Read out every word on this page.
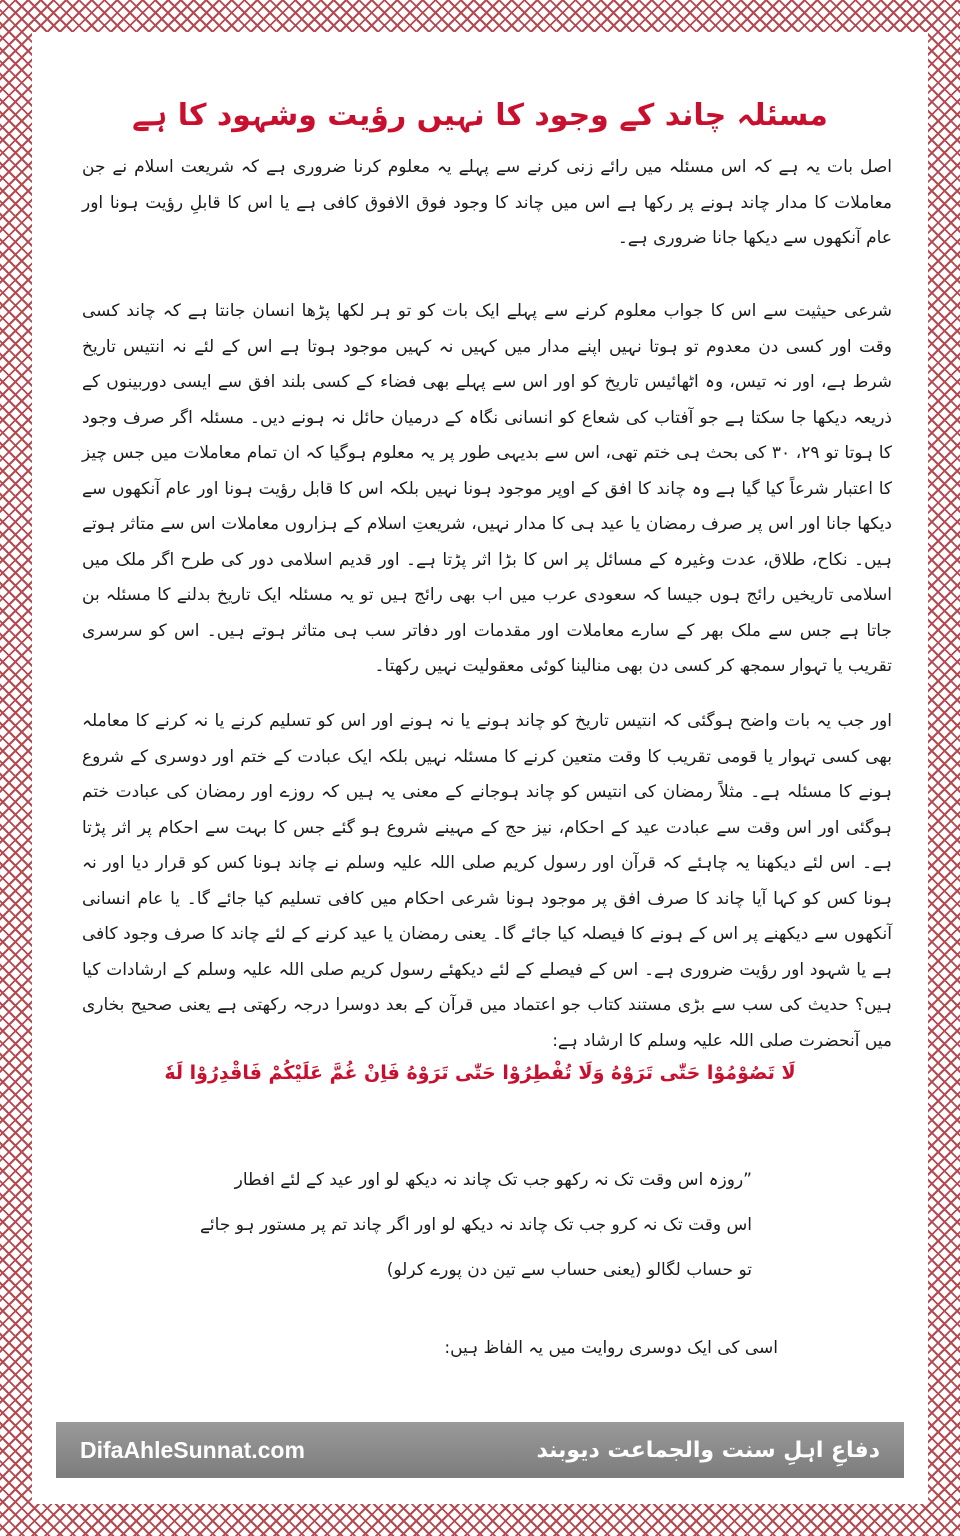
مسئلہ چاند کے وجود کا نہیں رؤیت وشہود کا ہے

اصل بات یہ ہے کہ اس مسئلہ میں رائے زنی کرنے سے پہلے یہ معلوم کرنا ضروری ہے کہ شریعت اسلام نے جن معاملات کا مدار چاند ہونے پر رکھا ہے اس میں چاند کا وجود فوق الافوق کافی ہے یا اس کا قابلِ رؤیت ہونا اور عام آنکھوں سے دیکھا جانا ضروری ہے۔

شرعی حیثیت سے اس کا جواب معلوم کرنے سے پہلے ایک بات کو تو ہر لکھا پڑھا انسان جانتا ہے کہ چاند کسی وقت اور کسی دن معدوم تو ہوتا نہیں اپنے مدار میں کہیں نہ کہیں موجود ہوتا ہے اس کے لئے نہ انتیس تاریخ شرط ہے، اور نہ تیس، وہ اٹھائیس تاریخ کو اور اس سے پہلے بھی فضاء کے کسی بلند افق سے ایسی دوربینوں کے ذریعہ دیکھا جا سکتا ہے جو آفتاب کی شعاع کو انسانی نگاہ کے درمیان حائل نہ ہونے دیں۔ مسئلہ اگر صرف وجود کا ہوتا تو ۲۹، ۳۰ کی بحث ہی ختم تھی، اس سے بدیہی طور پر یہ معلوم ہوگیا کہ ان تمام معاملات میں جس چیز کا اعتبار شرعاً کیا گیا ہے وہ چاند کا افق کے اوپر موجود ہونا نہیں بلکہ اس کا قابل رؤیت ہونا اور عام آنکھوں سے دیکھا جانا اور اس پر صرف رمضان یا عید ہی کا مدار نہیں، شریعتِ اسلام کے ہزاروں معاملات اس سے متاثر ہوتے ہیں۔ نکاح، طلاق، عدت وغیرہ کے مسائل پر اس کا بڑا اثر پڑتا ہے۔ اور قدیم اسلامی دور کی طرح اگر ملک میں اسلامی تاریخیں رائج ہوں جیسا کہ سعودی عرب میں اب بھی رائج ہیں تو یہ مسئلہ ایک تاریخ بدلنے کا مسئلہ بن جاتا ہے جس سے ملک بھر کے سارے معاملات اور مقدمات اور دفاتر سب ہی متاثر ہوتے ہیں۔ اس کو سرسری تقریب یا تہوار سمجھ کر کسی دن بھی منالینا کوئی معقولیت نہیں رکھتا۔

اور جب یہ بات واضح ہوگئی کہ انتیس تاریخ کو چاند ہونے یا نہ ہونے اور اس کو تسلیم کرنے یا نہ کرنے کا معاملہ بھی کسی تہوار یا قومی تقریب کا وقت متعین کرنے کا مسئلہ نہیں بلکہ ایک عبادت کے ختم اور دوسری کے شروع ہونے کا مسئلہ ہے۔ مثلاً رمضان کی انتیس کو چاند ہوجانے کے معنی یہ ہیں کہ روزے اور رمضان کی عبادت ختم ہوگئی اور اس وقت سے عبادت عید کے احکام، نیز حج کے مہینے شروع ہو گئے جس کا بہت سے احکام پر اثر پڑتا ہے۔ اس لئے دیکھنا یہ چاہئے کہ قرآن اور رسول کریم صلی اللہ علیہ وسلم نے چاند ہونا کس کو قرار دیا اور نہ ہونا کس کو کہا آیا چاند کا صرف افق پر موجود ہونا شرعی احکام میں کافی تسلیم کیا جائے گا۔ یا عام انسانی آنکھوں سے دیکھنے پر اس کے ہونے کا فیصلہ کیا جائے گا۔ یعنی رمضان یا عید کرنے کے لئے چاند کا صرف وجود کافی ہے یا شہود اور رؤیت ضروری ہے۔ اس کے فیصلے کے لئے دیکھئے رسول کریم صلی اللہ علیہ وسلم کے ارشادات کیا ہیں؟ حدیث کی سب سے بڑی مستند کتاب جو اعتماد میں قرآن کے بعد دوسرا درجہ رکھتی ہے یعنی صحیح بخاری میں آنحضرت صلی اللہ علیہ وسلم کا ارشاد ہے:

لَا تَصُوْمُوْا حَتّٰی تَرَوْهُ وَلَا تُفْطِرُوْا حَتّٰی تَرَوْهُ فَاِنْ غُمَّ عَلَيْكُمْ فَاقْدِرُوْا لَهٗ
”روزہ اس وقت تک نہ رکھو جب تک چاند نہ دیکھ لو اور عید کے لئے افطار
اس وقت تک نہ کرو جب تک چاند نہ دیکھ لو اور اگر چاند تم پر مستور ہو جائے
تو حساب لگالو (یعنی حساب سے تین دن پورے کرلو)
اسی کی ایک دوسری روایت میں یہ الفاظ ہیں:
DifaAhleSunnat.com	دفاعِ اہلِ سنت والجماعت دیوبند
